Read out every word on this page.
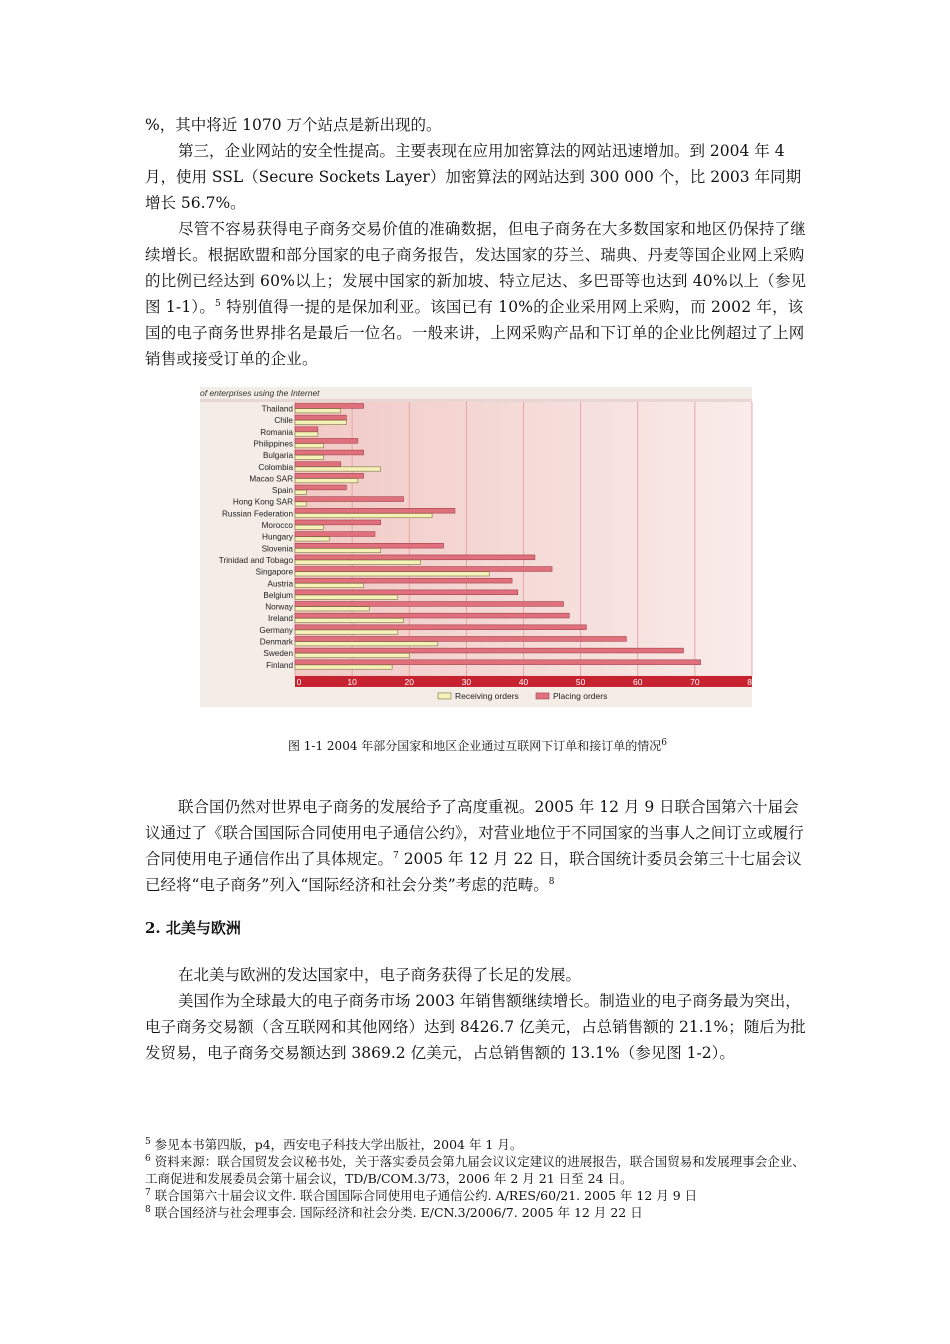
%，其中将近 1070 万个站点是新出现的。

第三，企业网站的安全性提高。主要表现在应用加密算法的网站迅速增加。到 2004 年 4 月，使用 SSL（Secure Sockets Layer）加密算法的网站达到 300 000 个，比 2003 年同期增长 56.7%。

尽管不容易获得电子商务交易价值的准确数据，但电子商务在大多数国家和地区仍保持了继续增长。根据欧盟和部分国家的电子商务报告，发达国家的芬兰、瑞典、丹麦等国企业网上采购的比例已经达到 60%以上；发展中国家的新加坡、特立尼达、多巴哥等也达到 40%以上（参见图 1-1）。$^5$ 特别值得一提的是保加利亚。该国已有 10%的企业采用网上采购，而 2002 年，该国的电子商务世界排名是最后一位名。一般来讲，上网采购产品和下订单的企业比例超过了上网销售或接受订单的企业。

of enterprises using the Internet
Thailand
Chile
Romania
Philippines
Bulgaria
Colombia
Macao SAR
Spain
Hong Kong SAR
Russian Federation
Morocco
Hungary
Slovenia
Trinidad and Tobago
Singapore
Austria
Belgium
Norway
Ireland
Germany
Denmark
Sweden
Finland
0	10	20	30	40	50	60	70	80
Receiving orders	Placing orders
图 1-1 2004 年部分国家和地区企业通过互联网下订单和接订单的情况$^6$

联合国仍然对世界电子商务的发展给予了高度重视。2005 年 12 月 9 日联合国第六十届会议通过了《联合国国际合同使用电子通信公约》，对营业地位于不同国家的当事人之间订立或履行合同使用电子通信作出了具体规定。$^7$ 2005 年 12 月 22 日，联合国统计委员会第三十七届会议已经将“电子商务”列入“国际经济和社会分类”考虑的范畴。$^8$

2. 北美与欧洲

在北美与欧洲的发达国家中，电子商务获得了长足的发展。

美国作为全球最大的电子商务市场 2003 年销售额继续增长。制造业的电子商务最为突出，电子商务交易额（含互联网和其他网络）达到 8426.7 亿美元，占总销售额的 21.1%；随后为批发贸易，电子商务交易额达到 3869.2 亿美元，占总销售额的 13.1%（参见图 1-2）。

$^5$ 参见本书第四版，p4，西安电子科技大学出版社，2004 年 1 月。
$^6$ 资料来源：联合国贸发会议秘书处，关于落实委员会第九届会议议定建议的进展报告，联合国贸易和发展理事会企业、工商促进和发展委员会第十届会议，TD/B/COM.3/73，2006 年 2 月 21 日至 24 日。
$^7$ 联合国第六十届会议文件. 联合国国际合同使用电子通信公约. A/RES/60/21. 2005 年 12 月 9 日
$^8$ 联合国经济与社会理事会. 国际经济和社会分类. E/CN.3/2006/7. 2005 年 12 月 22 日
